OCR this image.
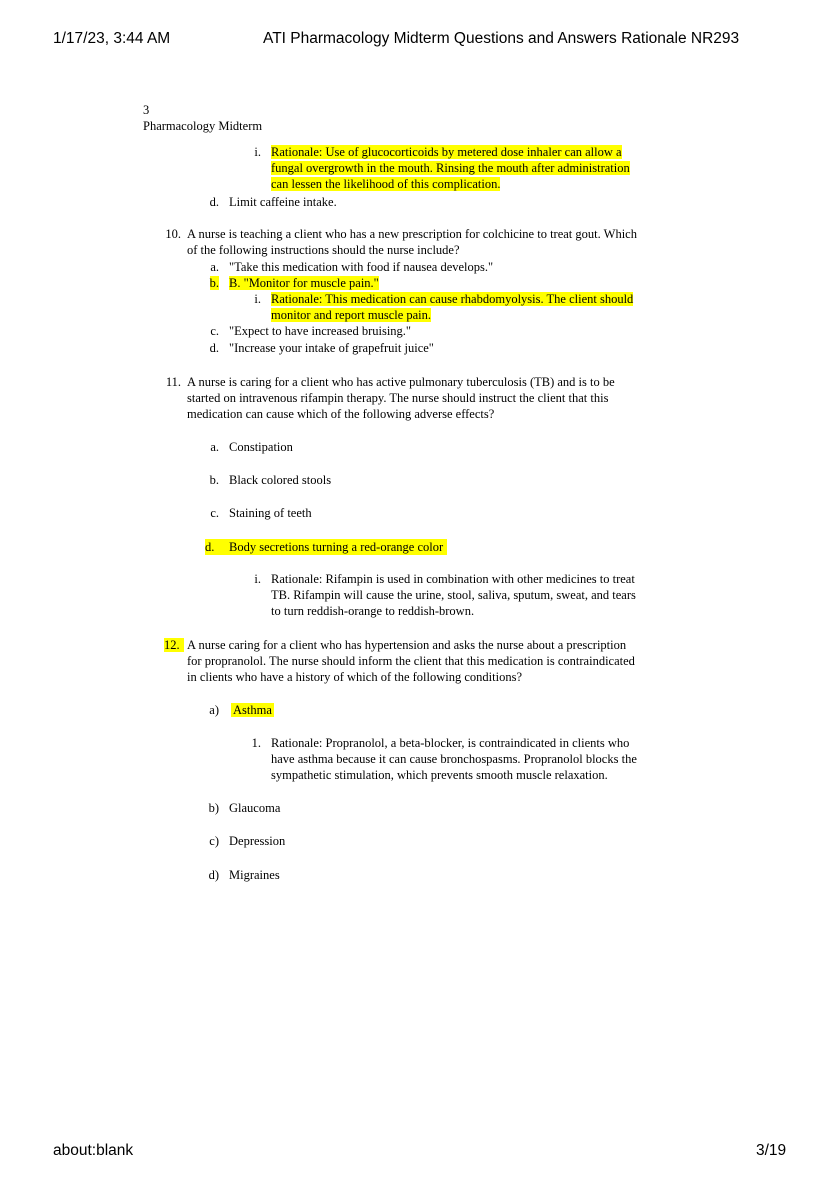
1/17/23, 3:44 AM	ATI Pharmacology Midterm Questions and Answers Rationale NR293
3
Pharmacology Midterm
i. Rationale: Use of glucocorticoids by metered dose inhaler can allow a
fungal overgrowth in the mouth. Rinsing the mouth after administration
can lessen the likelihood of this complication.
d. Limit caffeine intake.
10. A nurse is teaching a client who has a new prescription for colchicine to treat gout. Which
of the following instructions should the nurse include?
a. "Take this medication with food if nausea develops."
b. B. "Monitor for muscle pain."
i. Rationale: This medication can cause rhabdomyolysis. The client should
monitor and report muscle pain.
c. "Expect to have increased bruising."
d. "Increase your intake of grapefruit juice"
11. A nurse is caring for a client who has active pulmonary tuberculosis (TB) and is to be
started on intravenous rifampin therapy. The nurse should instruct the client that this
medication can cause which of the following adverse effects?
a. Constipation
b. Black colored stools
c. Staining of teeth
d. Body secretions turning a red-orange color
i. Rationale: Rifampin is used in combination with other medicines to treat
TB. Rifampin will cause the urine, stool, saliva, sputum, sweat, and tears
to turn reddish-orange to reddish-brown.
12. A nurse caring for a client who has hypertension and asks the nurse about a prescription
for propranolol. The nurse should inform the client that this medication is contraindicated
in clients who have a history of which of the following conditions?
a) Asthma
1. Rationale: Propranolol, a beta-blocker, is contraindicated in clients who
have asthma because it can cause bronchospasms. Propranolol blocks the
sympathetic stimulation, which prevents smooth muscle relaxation.
b) Glaucoma
c) Depression
d) Migraines
about:blank	3/19
